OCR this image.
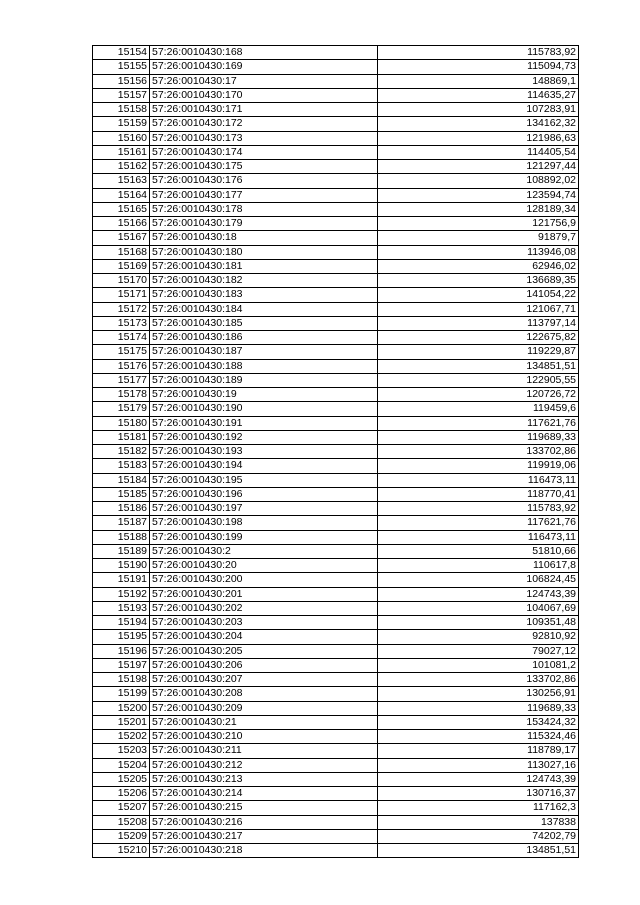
15154	57:26:0010430:168	115783,92
15155	57:26:0010430:169	115094,73
15156	57:26:0010430:17	148869,1
15157	57:26:0010430:170	114635,27
15158	57:26:0010430:171	107283,91
15159	57:26:0010430:172	134162,32
15160	57:26:0010430:173	121986,63
15161	57:26:0010430:174	114405,54
15162	57:26:0010430:175	121297,44
15163	57:26:0010430:176	108892,02
15164	57:26:0010430:177	123594,74
15165	57:26:0010430:178	128189,34
15166	57:26:0010430:179	121756,9
15167	57:26:0010430:18	91879,7
15168	57:26:0010430:180	113946,08
15169	57:26:0010430:181	62946,02
15170	57:26:0010430:182	136689,35
15171	57:26:0010430:183	141054,22
15172	57:26:0010430:184	121067,71
15173	57:26:0010430:185	113797,14
15174	57:26:0010430:186	122675,82
15175	57:26:0010430:187	119229,87
15176	57:26:0010430:188	134851,51
15177	57:26:0010430:189	122905,55
15178	57:26:0010430:19	120726,72
15179	57:26:0010430:190	119459,6
15180	57:26:0010430:191	117621,76
15181	57:26:0010430:192	119689,33
15182	57:26:0010430:193	133702,86
15183	57:26:0010430:194	119919,06
15184	57:26:0010430:195	116473,11
15185	57:26:0010430:196	118770,41
15186	57:26:0010430:197	115783,92
15187	57:26:0010430:198	117621,76
15188	57:26:0010430:199	116473,11
15189	57:26:0010430:2	51810,66
15190	57:26:0010430:20	110617,8
15191	57:26:0010430:200	106824,45
15192	57:26:0010430:201	124743,39
15193	57:26:0010430:202	104067,69
15194	57:26:0010430:203	109351,48
15195	57:26:0010430:204	92810,92
15196	57:26:0010430:205	79027,12
15197	57:26:0010430:206	101081,2
15198	57:26:0010430:207	133702,86
15199	57:26:0010430:208	130256,91
15200	57:26:0010430:209	119689,33
15201	57:26:0010430:21	153424,32
15202	57:26:0010430:210	115324,46
15203	57:26:0010430:211	118789,17
15204	57:26:0010430:212	113027,16
15205	57:26:0010430:213	124743,39
15206	57:26:0010430:214	130716,37
15207	57:26:0010430:215	117162,3
15208	57:26:0010430:216	137838
15209	57:26:0010430:217	74202,79
15210	57:26:0010430:218	134851,51
